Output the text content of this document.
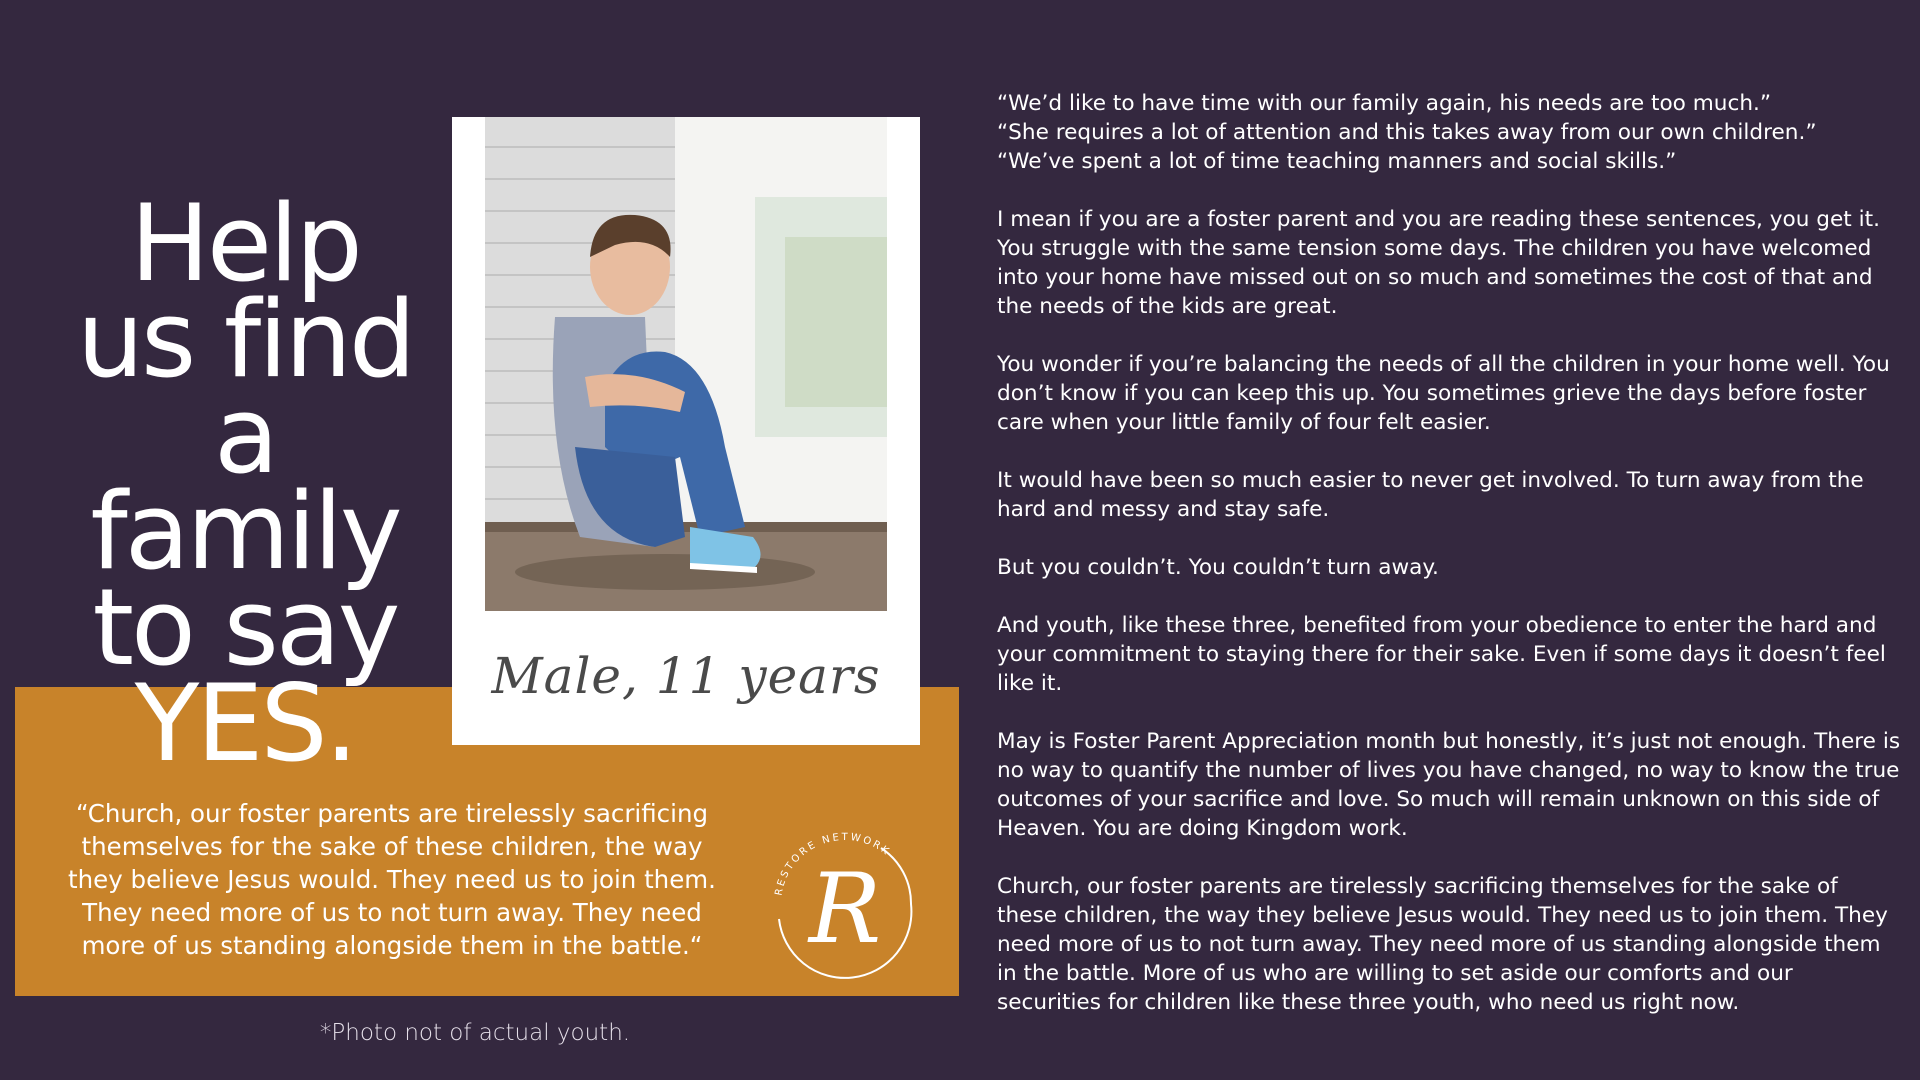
Help
us find
a
family
to say
YES.

“Church, our foster parents are tirelessly sacrificing themselves for the sake of these children, the way they believe Jesus would. They need us to join them. They need more of us to not turn away. They need more of us standing alongside them in the battle.“

RESTORE NETWORK
R
Male, 11 years
*Photo not of actual youth.

“We’d like to have time with our family again, his needs are too much.”
“She requires a lot of attention and this takes away from our own children.”
“We’ve spent a lot of time teaching manners and social skills.”

I mean if you are a foster parent and you are reading these sentences, you get it. You struggle with the same tension some days. The children you have welcomed into your home have missed out on so much and sometimes the cost of that and the needs of the kids are great.

You wonder if you’re balancing the needs of all the children in your home well. You don’t know if you can keep this up. You sometimes grieve the days before foster care when your little family of four felt easier.

It would have been so much easier to never get involved. To turn away from the hard and messy and stay safe.

But you couldn’t. You couldn’t turn away.

And youth, like these three, benefited from your obedience to enter the hard and your commitment to staying there for their sake. Even if some days it doesn’t feel like it.

May is Foster Parent Appreciation month but honestly, it’s just not enough. There is no way to quantify the number of lives you have changed, no way to know the true outcomes of your sacrifice and love. So much will remain unknown on this side of Heaven. You are doing Kingdom work.

Church, our foster parents are tirelessly sacrificing themselves for the sake of these children, the way they believe Jesus would. They need us to join them. They need more of us to not turn away. They need more of us standing alongside them in the battle. More of us who are willing to set aside our comforts and our securities for children like these three youth, who need us right now.
